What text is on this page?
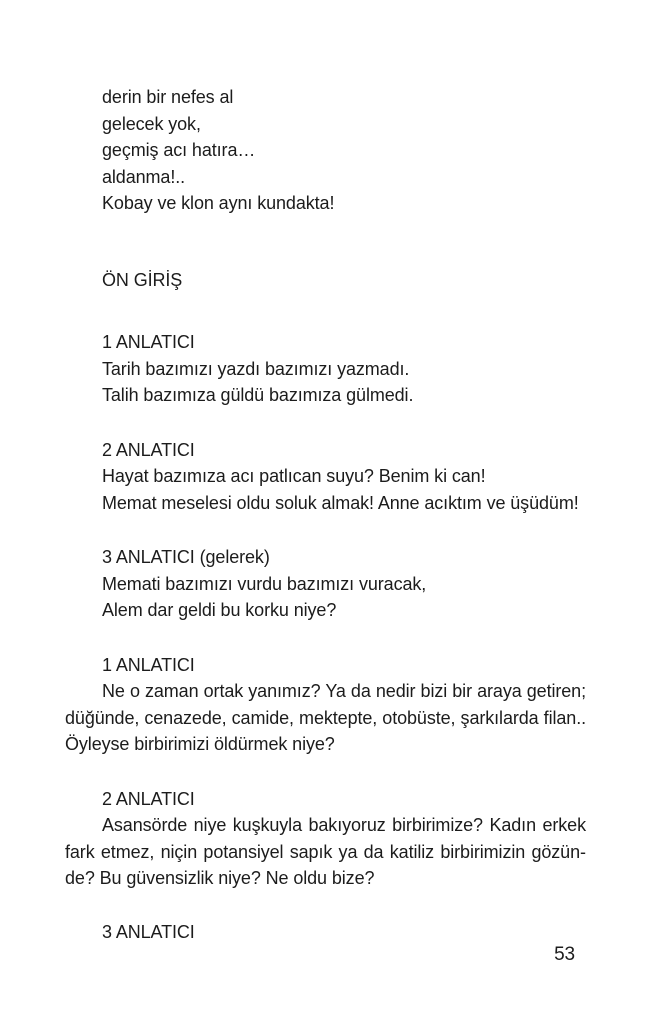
derin bir nefes al
gelecek yok,
geçmiş acı hatıra…
aldanma!..
Kobay ve klon aynı kundakta!
ÖN GİRİŞ
1 ANLATICI
Tarih bazımızı yazdı bazımızı yazmadı.
Talih bazımıza güldü bazımıza gülmedi.
2 ANLATICI
Hayat bazımıza acı patlıcan suyu? Benim ki can!
Memat meselesi oldu soluk almak! Anne acıktım ve üşüdüm!
3 ANLATICI (gelerek)
Memati bazımızı vurdu bazımızı vuracak,
Alem dar geldi bu korku niye?
1 ANLATICI

Ne o zaman ortak yanımız? Ya da nedir bizi bir araya getiren; düğünde, cenazede, camide, mektepte, otobüste, şarkılarda filan.. Öyleyse birbirimizi öldürmek niye?

2 ANLATICI

Asansörde niye kuşkuyla bakıyoruz birbirimize? Kadın erkek fark etmez, niçin potansiyel sapık ya da katiliz birbirimizin gözünde? Bu güvensizlik niye? Ne oldu bize?

3 ANLATICI
53
